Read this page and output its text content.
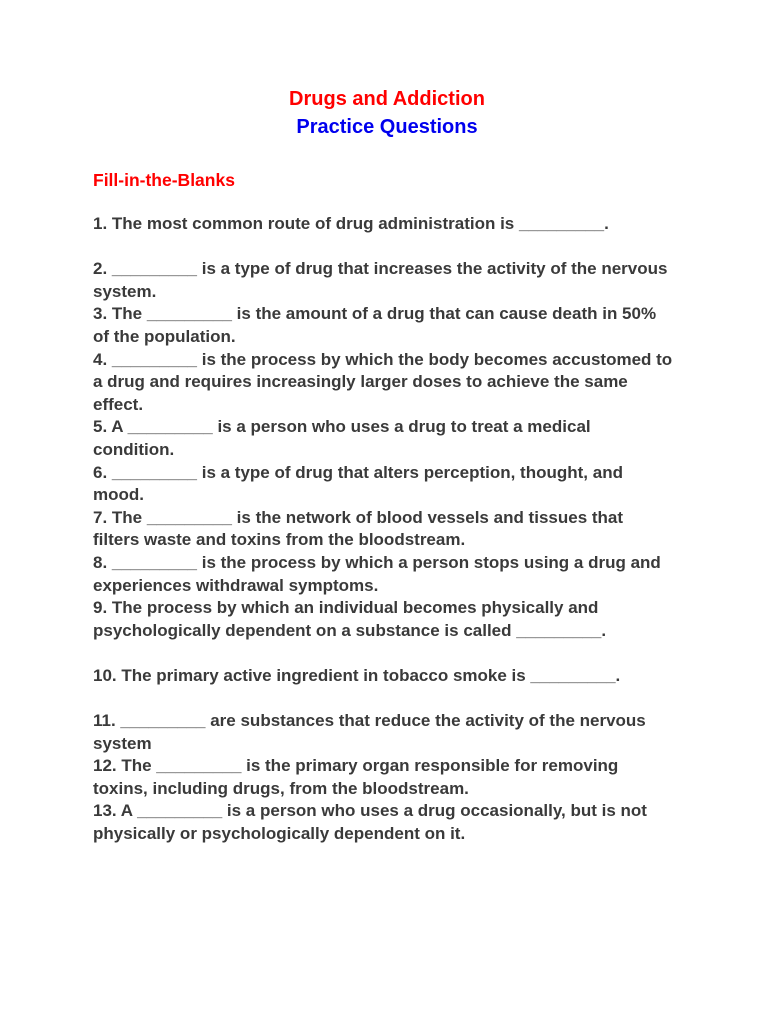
Drugs and Addiction
Practice Questions
Fill-in-the-Blanks
1. The most common route of drug administration is _________.
2. _________ is a type of drug that increases the activity of the nervous system.
3. The _________ is the amount of a drug that can cause death in 50% of the population.
4. _________ is the process by which the body becomes accustomed to a drug and requires increasingly larger doses to achieve the same effect.
5. A _________ is a person who uses a drug to treat a medical condition.
6. _________ is a type of drug that alters perception, thought, and mood.
7. The _________ is the network of blood vessels and tissues that filters waste and toxins from the bloodstream.
8. _________ is the process by which a person stops using a drug and experiences withdrawal symptoms.
9. The process by which an individual becomes physically and psychologically dependent on a substance is called _________.
10. The primary active ingredient in tobacco smoke is _________.
11. _________ are substances that reduce the activity of the nervous system
12. The _________ is the primary organ responsible for removing toxins, including drugs, from the bloodstream.
13. A _________ is a person who uses a drug occasionally, but is not physically or psychologically dependent on it.
